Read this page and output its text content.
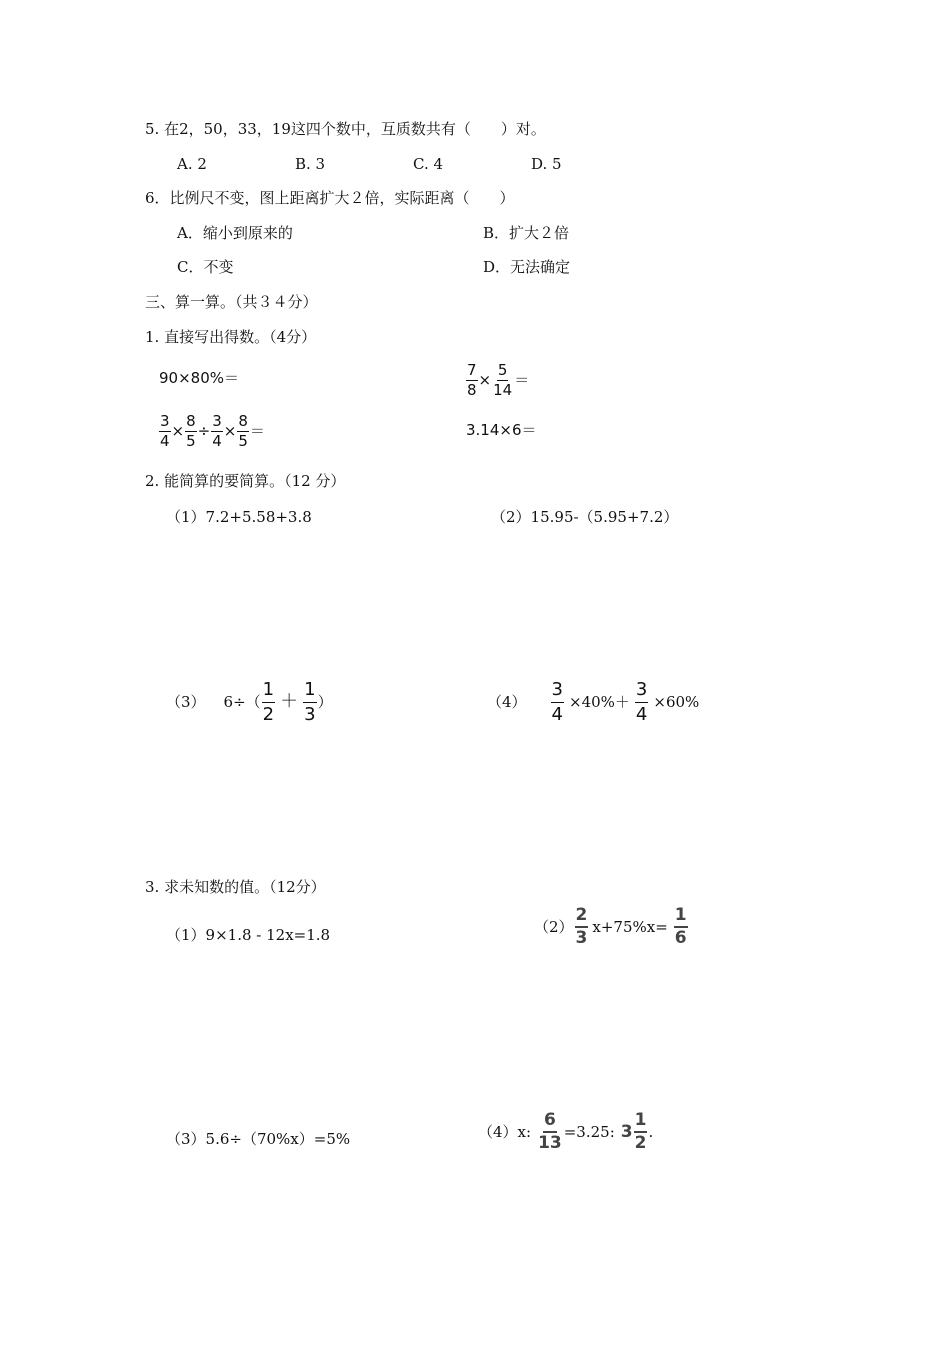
5. 在2，50，33，19这四个数中，互质数共有（　　）对。
A. 2	B. 3	C. 4	D. 5
6．比例尺不变，图上距离扩大２倍，实际距离（　　）
A．缩小到原来的	B．扩大２倍
C．不变	D．无法确定
三、算一算。（共３４分）
1. 直接写出得数。（4分）
90×80%＝	$\frac{7}{8} \times \frac{5}{14}$ ＝
$\frac{3}{4} \times \frac{8}{5} \div \frac{3}{4} \times \frac{8}{5}$ ＝	3.14×6＝
2. 能简算的要简算。（12 分）
（1）7.2+5.58+3.8	（2）15.95-（5.95+7.2）
（3） $6\div( \frac{1}{2} + \frac{1}{3}$ ）	$(4) \frac{3}{4} \times 40\%+ \frac{3}{4} \times 60\%$
3. 求未知数的值。（12分）
（1）9×1.8 - 12x=1.8	$(2) \frac{2}{3} x+75\%x= \frac{1}{6}$
（3）5.6÷（70%x）=5%	（4）x: $\frac{6}{13} =3.25$: $3 \frac{1}{2}$ .
